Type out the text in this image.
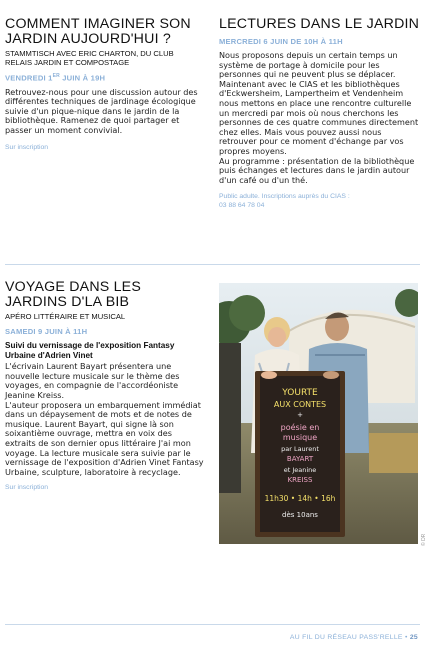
COMMENT IMAGINER SON JARDIN AUJOURD'HUI ?
STAMMTISCH AVEC ERIC CHARTON, DU CLUB RELAIS JARDIN ET COMPOSTAGE
VENDREDI 1ER JUIN À 19H
Retrouvez-nous pour une discussion autour des différentes techniques de jardinage écologique suivie d'un pique-nique dans le jardin de la bibliothèque. Ramenez de quoi partager et passer un moment convivial.
Sur inscription
LECTURES DANS LE JARDIN
MERCREDI 6 JUIN DE 10H À 11H

Nous proposons depuis un certain temps un système de portage à domicile pour les personnes qui ne peuvent plus se déplacer. Maintenant avec le CIAS et les bibliothèques d'Eckwersheim, Lampertheim et Vendenheim nous mettons en place une rencontre culturelle un mercredi par mois où nous cherchons les personnes de ces quatre communes directement chez elles. Mais vous pouvez aussi nous retrouver pour ce moment d'échange par vos propres moyens.

Au programme : présentation de la bibliothèque puis échanges et lectures dans le jardin autour d'un café ou d'un thé.

Public adulte. Inscriptions auprès du CIAS :
03 88 64 78 04
VOYAGE DANS LES JARDINS D'LA BIB
APÉRO LITTÉRAIRE ET MUSICAL
SAMEDI 9 JUIN À 11H
Suivi du vernissage de l'exposition Fantasy Urbaine d'Adrien Vinet

L'écrivain Laurent Bayart présentera une nouvelle lecture musicale sur le thème des voyages, en compagnie de l'accordéoniste Jeanine Kreiss.

L'auteur proposera un embarquement immédiat dans un dépaysement de mots et de notes de musique. Laurent Bayart, qui signe là son soixantième ouvrage, mettra en voix des extraits de son dernier opus littéraire J'ai mon voyage. La lecture musicale sera suivie par le vernissage de l'exposition d'Adrien Vinet Fantasy Urbaine, sculpture, laboratoire à recyclage.

Sur inscription
YOURTE
AUX CONTES
+
poésie en
musique
par Laurent
BAYART
et Jeanine
KREISS
11h30 • 14h • 16h
dès 10ans
© DR
AU FIL DU RÉSEAU PASS'RELLE • 25
